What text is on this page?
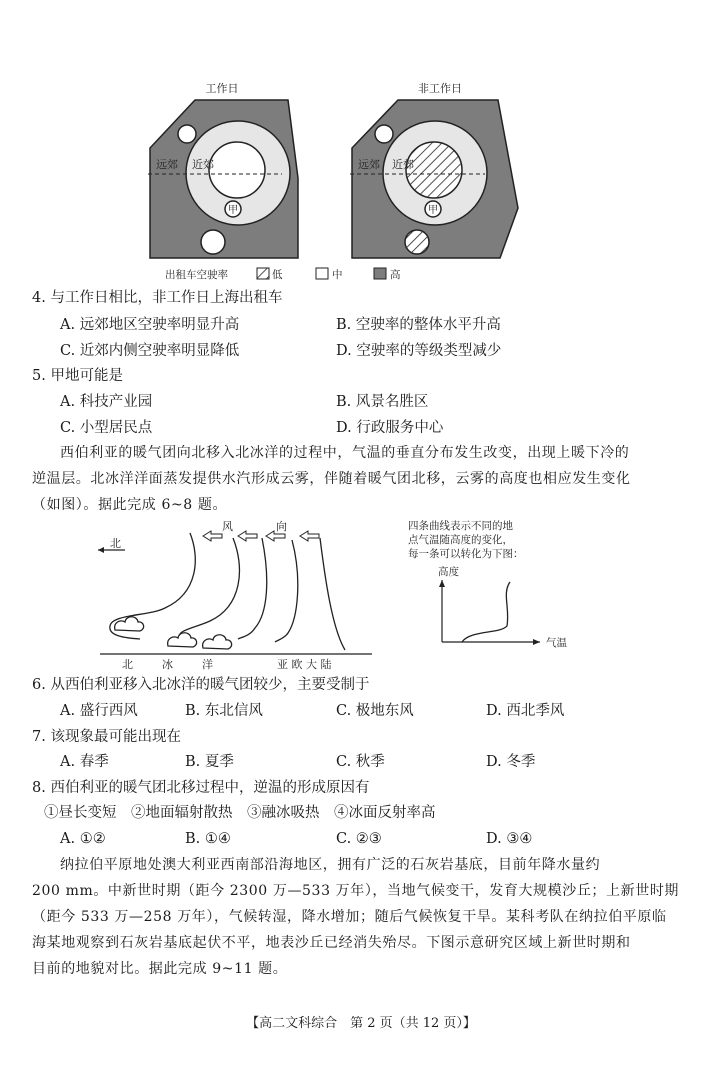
工作日
远郊 近郊
甲
非工作日
远郊 近郊
甲
出租车空驶率	低	中	高
4. 与工作日相比，非工作日上海出租车
A. 远郊地区空驶率明显升高	B. 空驶率的整体水平升高
C. 近郊内侧空驶率明显降低	D. 空驶率的等级类型减少
5. 甲地可能是
A. 科技产业园	B. 风景名胜区
C. 小型居民点	D. 行政服务中心
西伯利亚的暖气团向北移入北冰洋的过程中，气温的垂直分布发生改变，出现上暖下冷的
逆温层。北冰洋洋面蒸发提供水汽形成云雾，伴随着暖气团北移，云雾的高度也相应发生变化
（如图）。据此完成 6~8 题。
北
风	向
北	冰	洋	亚 欧 大 陆
四条曲线表示不同的地
点气温随高度的变化，
每一条可以转化为下图：
高度
气温
6. 从西伯利亚移入北冰洋的暖气团较少，主要受制于
A. 盛行西风	B. 东北信风	C. 极地东风	D. 西北季风
7. 该现象最可能出现在
A. 春季	B. 夏季	C. 秋季	D. 冬季
8. 西伯利亚的暖气团北移过程中，逆温的形成原因有
①昼长变短　②地面辐射散热　③融冰吸热　④冰面反射率高
A. ①②	B. ①④	C. ②③	D. ③④
纳拉伯平原地处澳大利亚西南部沿海地区，拥有广泛的石灰岩基底，目前年降水量约
200 mm。中新世时期（距今 2300 万—533 万年），当地气候变干，发育大规模沙丘；上新世时期
（距今 533 万—258 万年），气候转湿，降水增加；随后气候恢复干旱。某科考队在纳拉伯平原临
海某地观察到石灰岩基底起伏不平，地表沙丘已经消失殆尽。下图示意研究区域上新世时期和
目前的地貌对比。据此完成 9~11 题。
【高二文科综合　第 2 页（共 12 页）】
